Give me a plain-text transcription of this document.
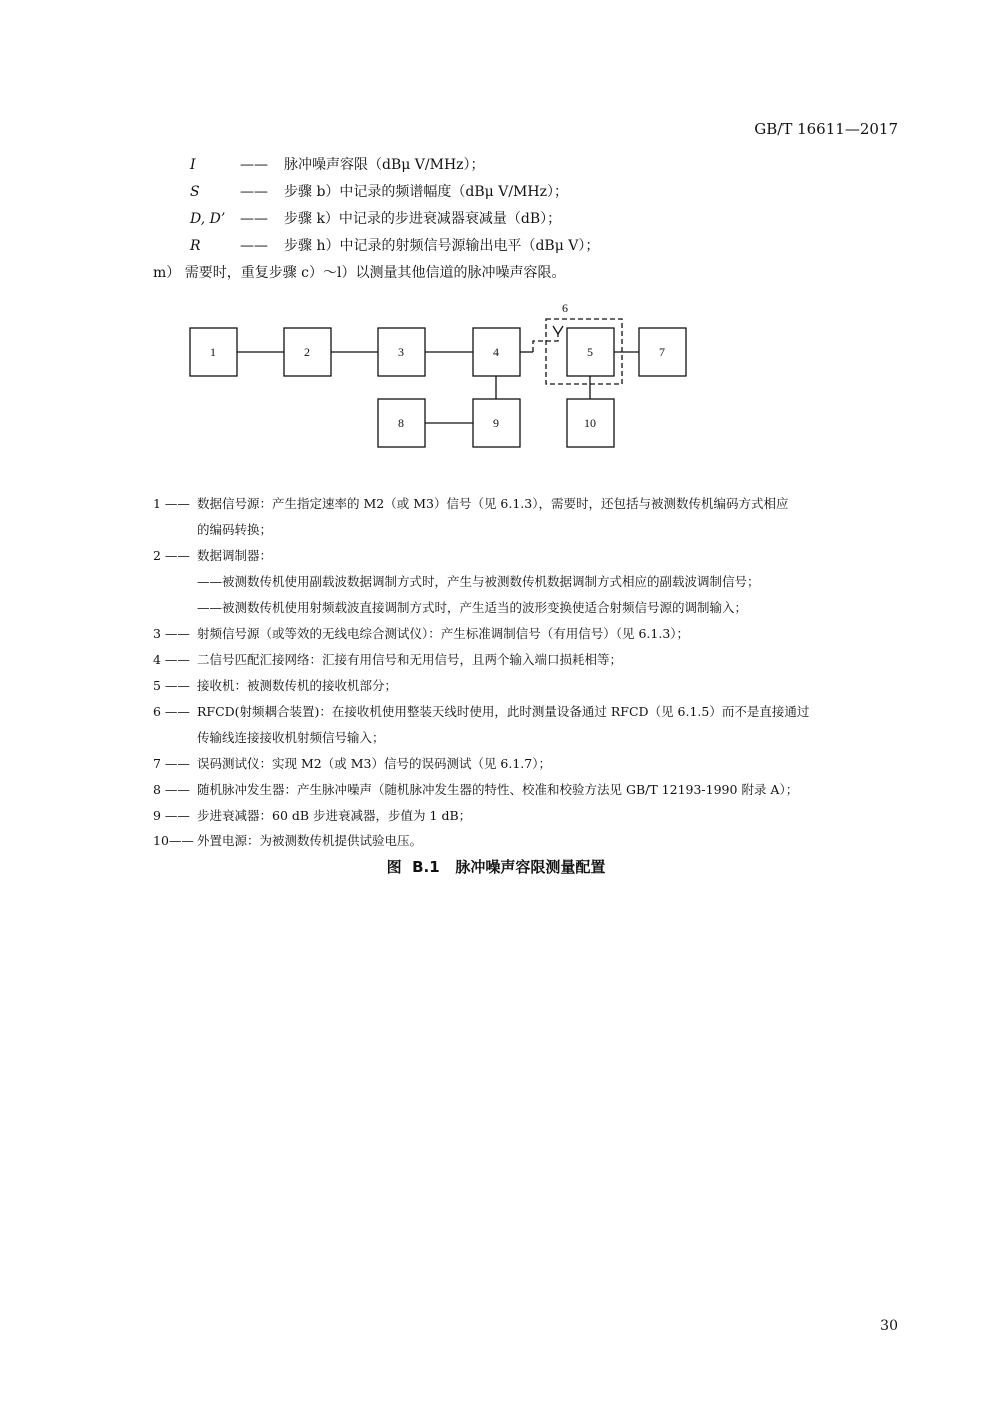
GB/T 16611—2017
I	—— 脉冲噪声容限（dBμ V/MHz）；
S	—— 步骤 b）中记录的频谱幅度（dBμ V/MHz）；
D, D’ —— 步骤 k）中记录的步进衰减器衰减量（dB）；
R	—— 步骤 h）中记录的射频信号源输出电平（dBμ V）；
m） 需要时，重复步骤 c）～l）以测量其他信道的脉冲噪声容限。
1	2	3	4	5	7
8	9	10
6
1 —— 数据信号源：产生指定速率的 M2（或 M3）信号（见 6.1.3），需要时，还包括与被测数传机编码方式相应
的编码转换；
2 —— 数据调制器：
——被测数传机使用副载波数据调制方式时，产生与被测数传机数据调制方式相应的副载波调制信号；
——被测数传机使用射频载波直接调制方式时，产生适当的波形变换使适合射频信号源的调制输入；
3 —— 射频信号源（或等效的无线电综合测试仪）：产生标准调制信号（有用信号）（见 6.1.3）；
4 —— 二信号匹配汇接网络：汇接有用信号和无用信号，且两个输入端口损耗相等；
5 —— 接收机：被测数传机的接收机部分；
6 —— RFCD(射频耦合装置)：在接收机使用整装天线时使用，此时测量设备通过 RFCD（见 6.1.5）而不是直接通过
传输线连接接收机射频信号输入；
7 —— 误码测试仪：实现 M2（或 M3）信号的误码测试（见 6.1.7）；
8 —— 随机脉冲发生器：产生脉冲噪声（随机脉冲发生器的特性、校准和校验方法见 GB/T 12193-1990 附录 A）；
9 —— 步进衰减器：60 dB 步进衰减器，步值为 1 dB；
10—— 外置电源：为被测数传机提供试验电压。
图  B.1   脉冲噪声容限测量配置
30
